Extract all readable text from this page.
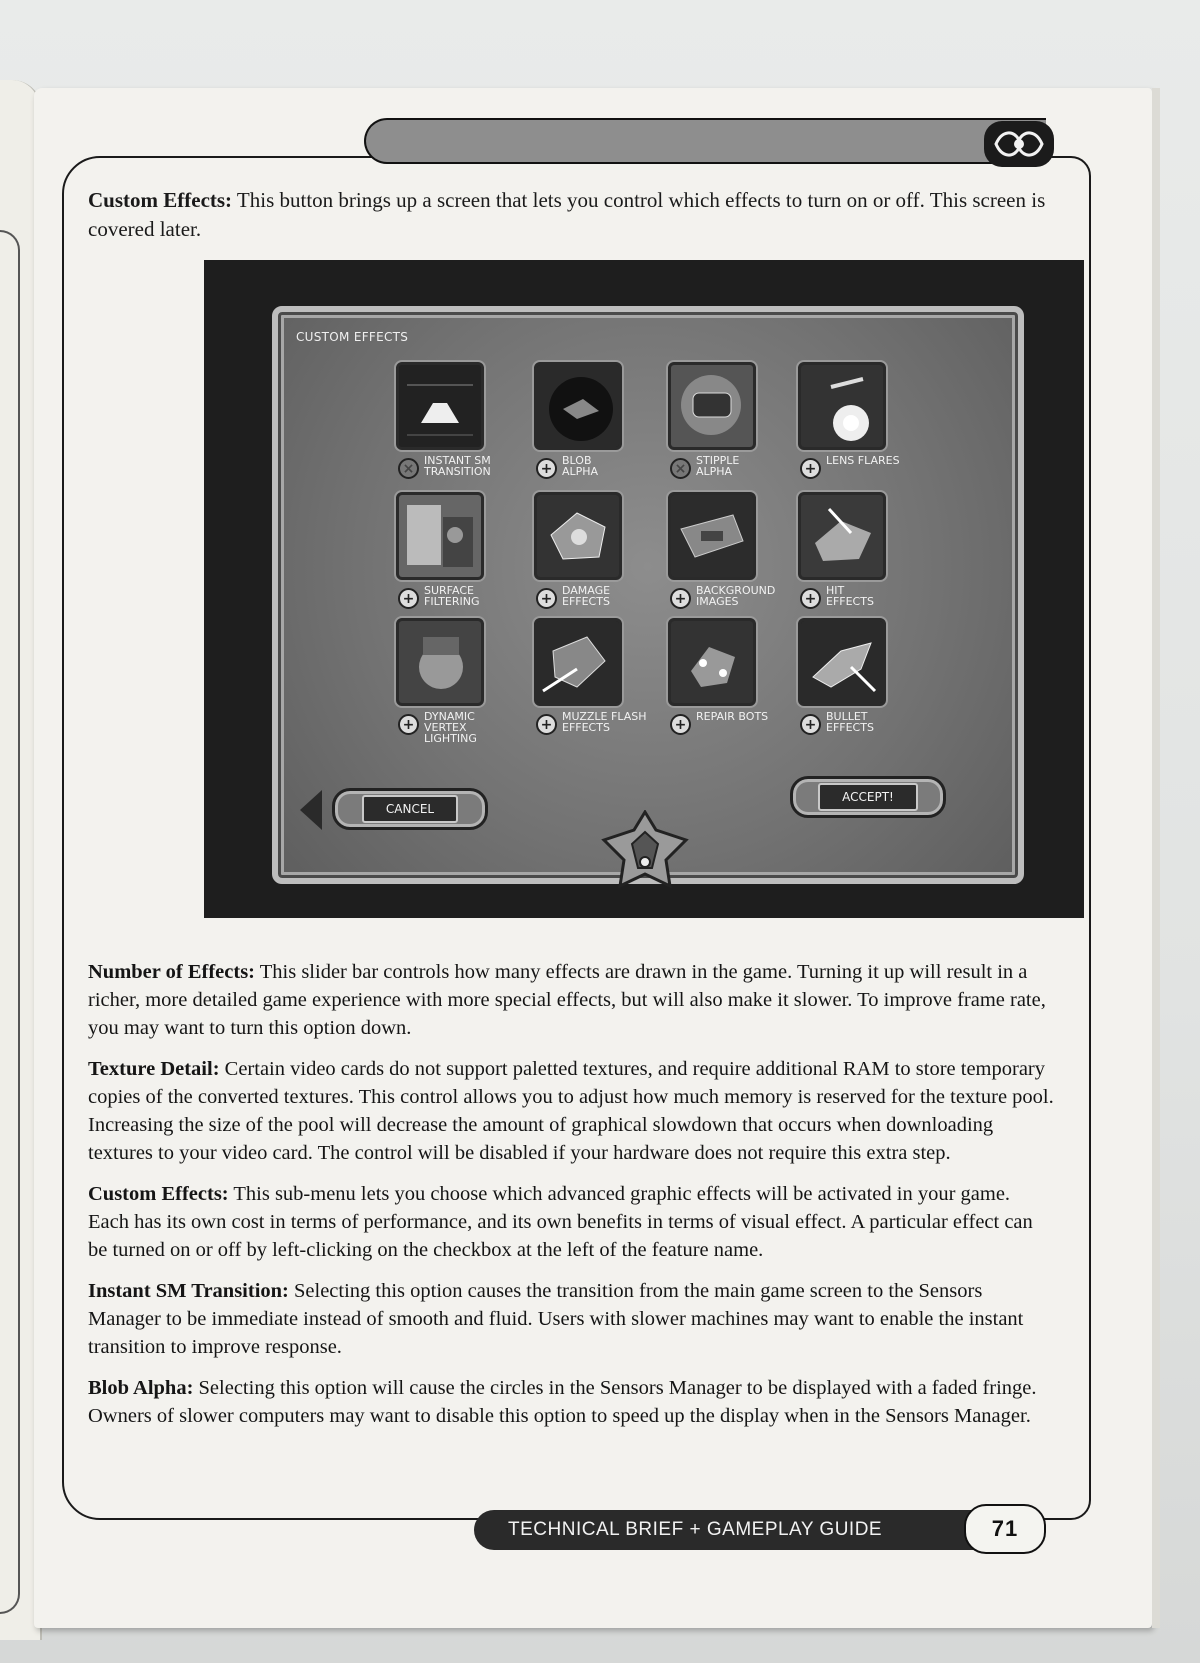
Custom Effects: This button brings up a screen that lets you control which effects to turn on or off. This screen is covered later.
CUSTOM EFFECTS
× INSTANT SM
TRANSITION	+ BLOB
ALPHA	× STIPPLE
ALPHA	+ LENS FLARES
+ SURFACE
FILTERING	+ DAMAGE
EFFECTS	+ BACKGROUND
IMAGES	+ HIT
EFFECTS
+ DYNAMIC
VERTEX
LIGHTING
+ MUZZLE FLASH
EFFECTS	+ REPAIR BOTS	+ BULLET
EFFECTS
CANCEL
ACCEPT!

Number of Effects: This slider bar controls how many effects are drawn in the game. Turning it up will result in a richer, more detailed game experience with more special effects, but will also make it slower. To improve frame rate, you may want to turn this option down.

Texture Detail: Certain video cards do not support paletted textures, and require additional RAM to store temporary copies of the converted textures. This control allows you to adjust how much memory is reserved for the texture pool. Increasing the size of the pool will decrease the amount of graphical slowdown that occurs when downloading textures to your video card. The control will be disabled if your hardware does not require this extra step.

Custom Effects: This sub-menu lets you choose which advanced graphic effects will be activated in your game. Each has its own cost in terms of performance, and its own benefits in terms of visual effect. A particular effect can be turned on or off by left-clicking on the checkbox at the left of the feature name.

Instant SM Transition: Selecting this option causes the transition from the main game screen to the Sensors Manager to be immediate instead of smooth and fluid. Users with slower machines may want to enable the instant transition to improve response.

Blob Alpha: Selecting this option will cause the circles in the Sensors Manager to be displayed with a faded fringe. Owners of slower computers may want to disable this option to speed up the display when in the Sensors Manager.

TECHNICAL BRIEF + GAMEPLAY GUIDE	71
